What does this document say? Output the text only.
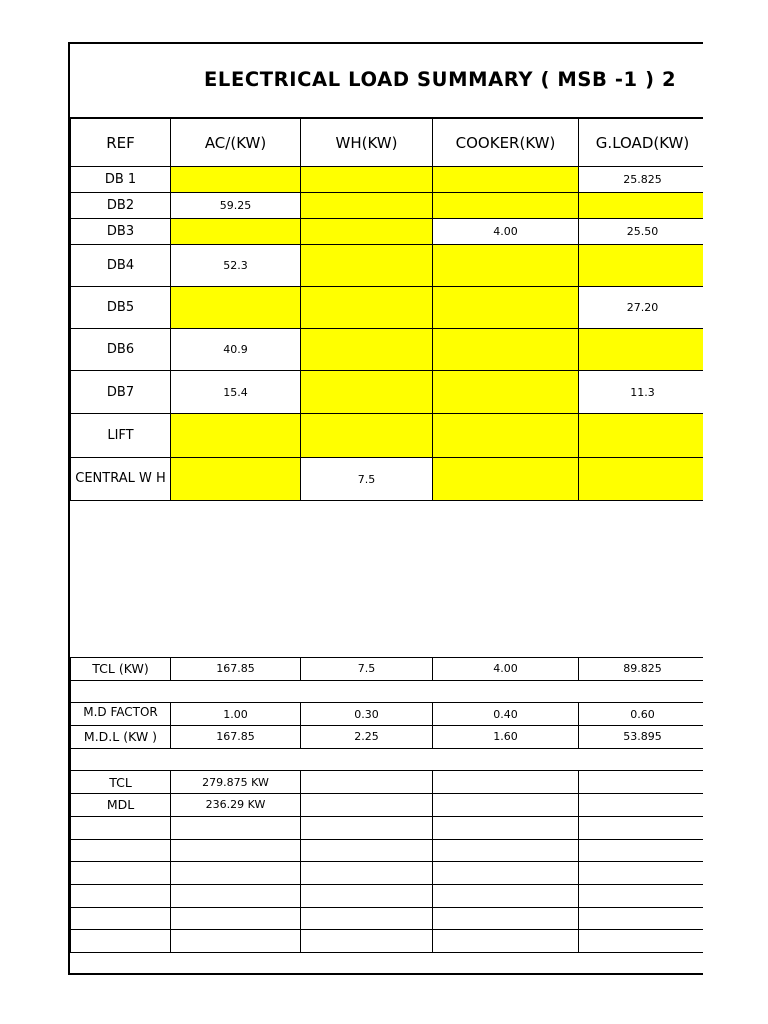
ELECTRICAL LOAD SUMMARY ( MSB -1 ) 2
REF	AC/(KW)	WH(KW)	COOKER(KW)	G.LOAD(KW)
DB 1				25.825
DB2	59.25			
DB3			4.00	25.50
DB4	52.3			
DB5				27.20
DB6	40.9			
DB7	15.4			11.3
LIFT				
CENTRAL W H		7.5		
TCL (KW)	167.85	7.5	4.00	89.825

M.D FACTOR	1.00	0.30	0.40	0.60
M.D.L (KW )	167.85	2.25	1.60	53.895

TCL	279.875 KW			
MDL	236.29 KW			
